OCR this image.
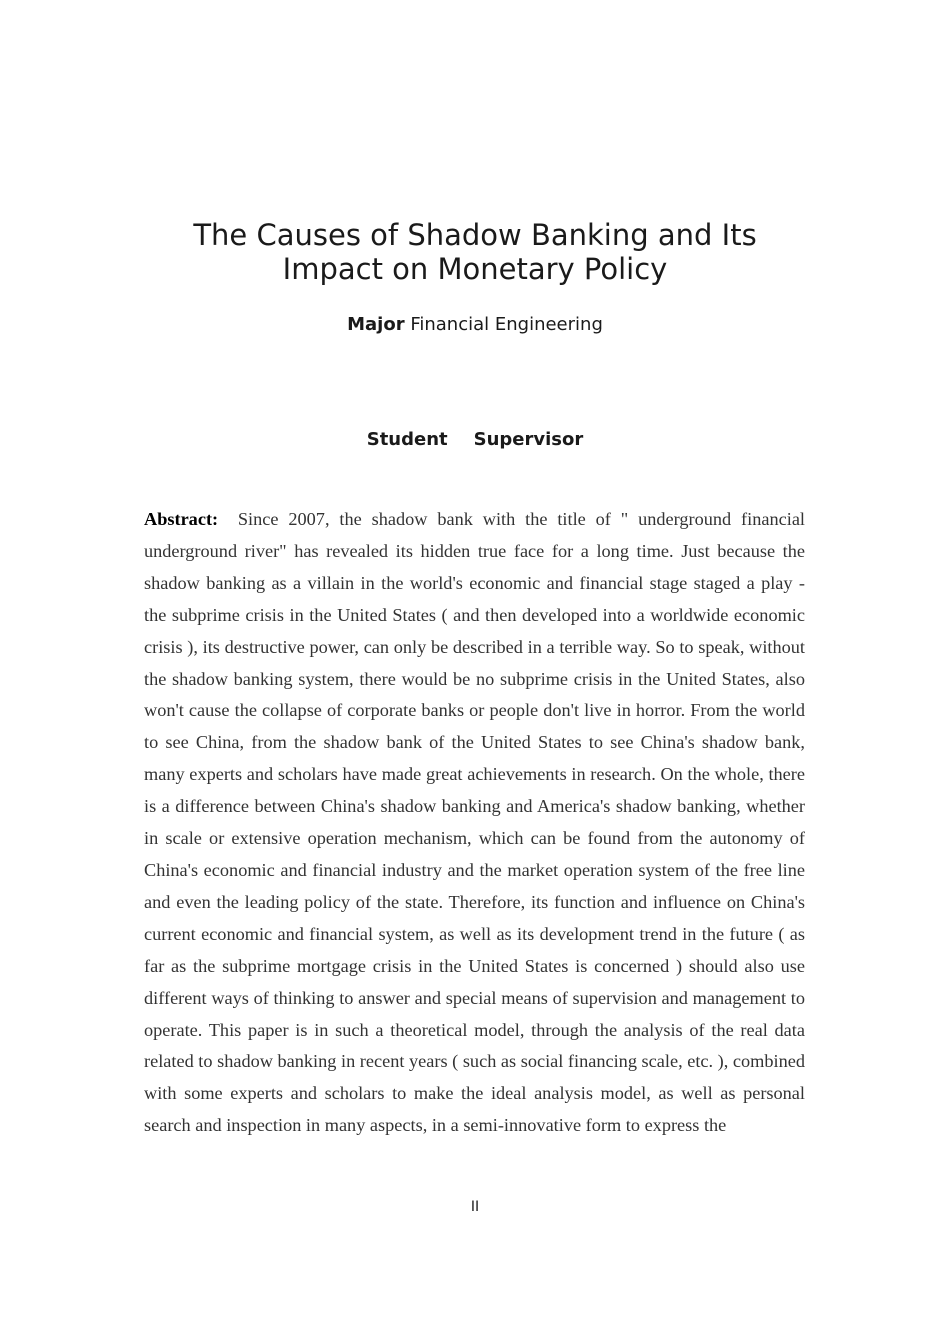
The Causes of Shadow Banking and Its
Impact on Monetary Policy
Major Financial Engineering
Student Supervisor
Abstract: Since 2007, the shadow bank with the title of " underground financial underground river" has revealed its hidden true face for a long time. Just because the shadow banking as a villain in the world's economic and financial stage staged a play - the subprime crisis in the United States ( and then developed into a worldwide economic crisis ), its destructive power, can only be described in a terrible way. So to speak, without the shadow banking system, there would be no subprime crisis in the United States, also won't cause the collapse of corporate banks or people don't live in horror. From the world to see China, from the shadow bank of the United States to see China's shadow bank, many experts and scholars have made great achievements in research. On the whole, there is a difference between China's shadow banking and America's shadow banking, whether in scale or extensive operation mechanism, which can be found from the autonomy of China's economic and financial industry and the market operation system of the free line and even the leading policy of the state. Therefore, its function and influence on China's current economic and financial system, as well as its development trend in the future ( as far as the subprime mortgage crisis in the United States is concerned ) should also use different ways of thinking to answer and special means of supervision and management to operate. This paper is in such a theoretical model, through the analysis of the real data related to shadow banking in recent years ( such as social financing scale, etc. ), combined with some experts and scholars to make the ideal analysis model, as well as personal search and inspection in many aspects, in a semi-innovative form to express the
II
